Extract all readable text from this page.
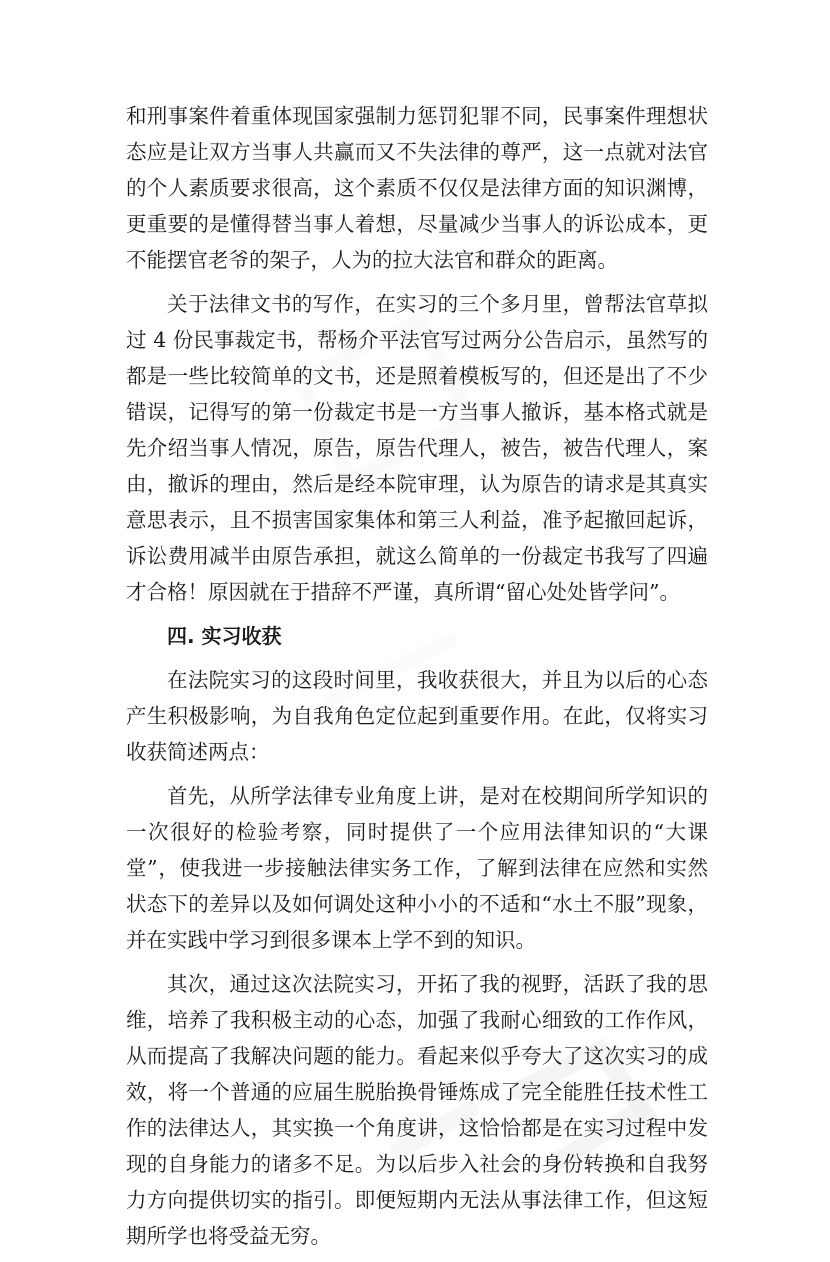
和刑事案件着重体现国家强制力惩罚犯罪不同，民事案件理想状态应是让双方当事人共赢而又不失法律的尊严，这一点就对法官的个人素质要求很高，这个素质不仅仅是法律方面的知识渊博，更重要的是懂得替当事人着想，尽量减少当事人的诉讼成本，更不能摆官老爷的架子，人为的拉大法官和群众的距离。

关于法律文书的写作，在实习的三个多月里，曾帮法官草拟过 4 份民事裁定书，帮杨介平法官写过两分公告启示，虽然写的都是一些比较简单的文书，还是照着模板写的，但还是出了不少错误，记得写的第一份裁定书是一方当事人撤诉，基本格式就是先介绍当事人情况，原告，原告代理人，被告，被告代理人，案由，撤诉的理由，然后是经本院审理，认为原告的请求是其真实意思表示，且不损害国家集体和第三人利益，准予起撤回起诉，诉讼费用减半由原告承担，就这么简单的一份裁定书我写了四遍才合格！原因就在于措辞不严谨，真所谓“留心处处皆学问”。

四. 实习收获

在法院实习的这段时间里，我收获很大，并且为以后的心态产生积极影响，为自我角色定位起到重要作用。在此，仅将实习收获简述两点：

首先，从所学法律专业角度上讲，是对在校期间所学知识的一次很好的检验考察，同时提供了一个应用法律知识的“大课堂”，使我进一步接触法律实务工作，了解到法律在应然和实然状态下的差异以及如何调处这种小小的不适和“水土不服”现象，并在实践中学习到很多课本上学不到的知识。

其次，通过这次法院实习，开拓了我的视野，活跃了我的思维，培养了我积极主动的心态，加强了我耐心细致的工作作风，从而提高了我解决问题的能力。看起来似乎夸大了这次实习的成效，将一个普通的应届生脱胎换骨锤炼成了完全能胜任技术性工作的法律达人，其实换一个角度讲，这恰恰都是在实习过程中发现的自身能力的诸多不足。为以后步入社会的身份转换和自我努力方向提供切实的指引。即便短期内无法从事法律工作，但这短期所学也将受益无穷。
